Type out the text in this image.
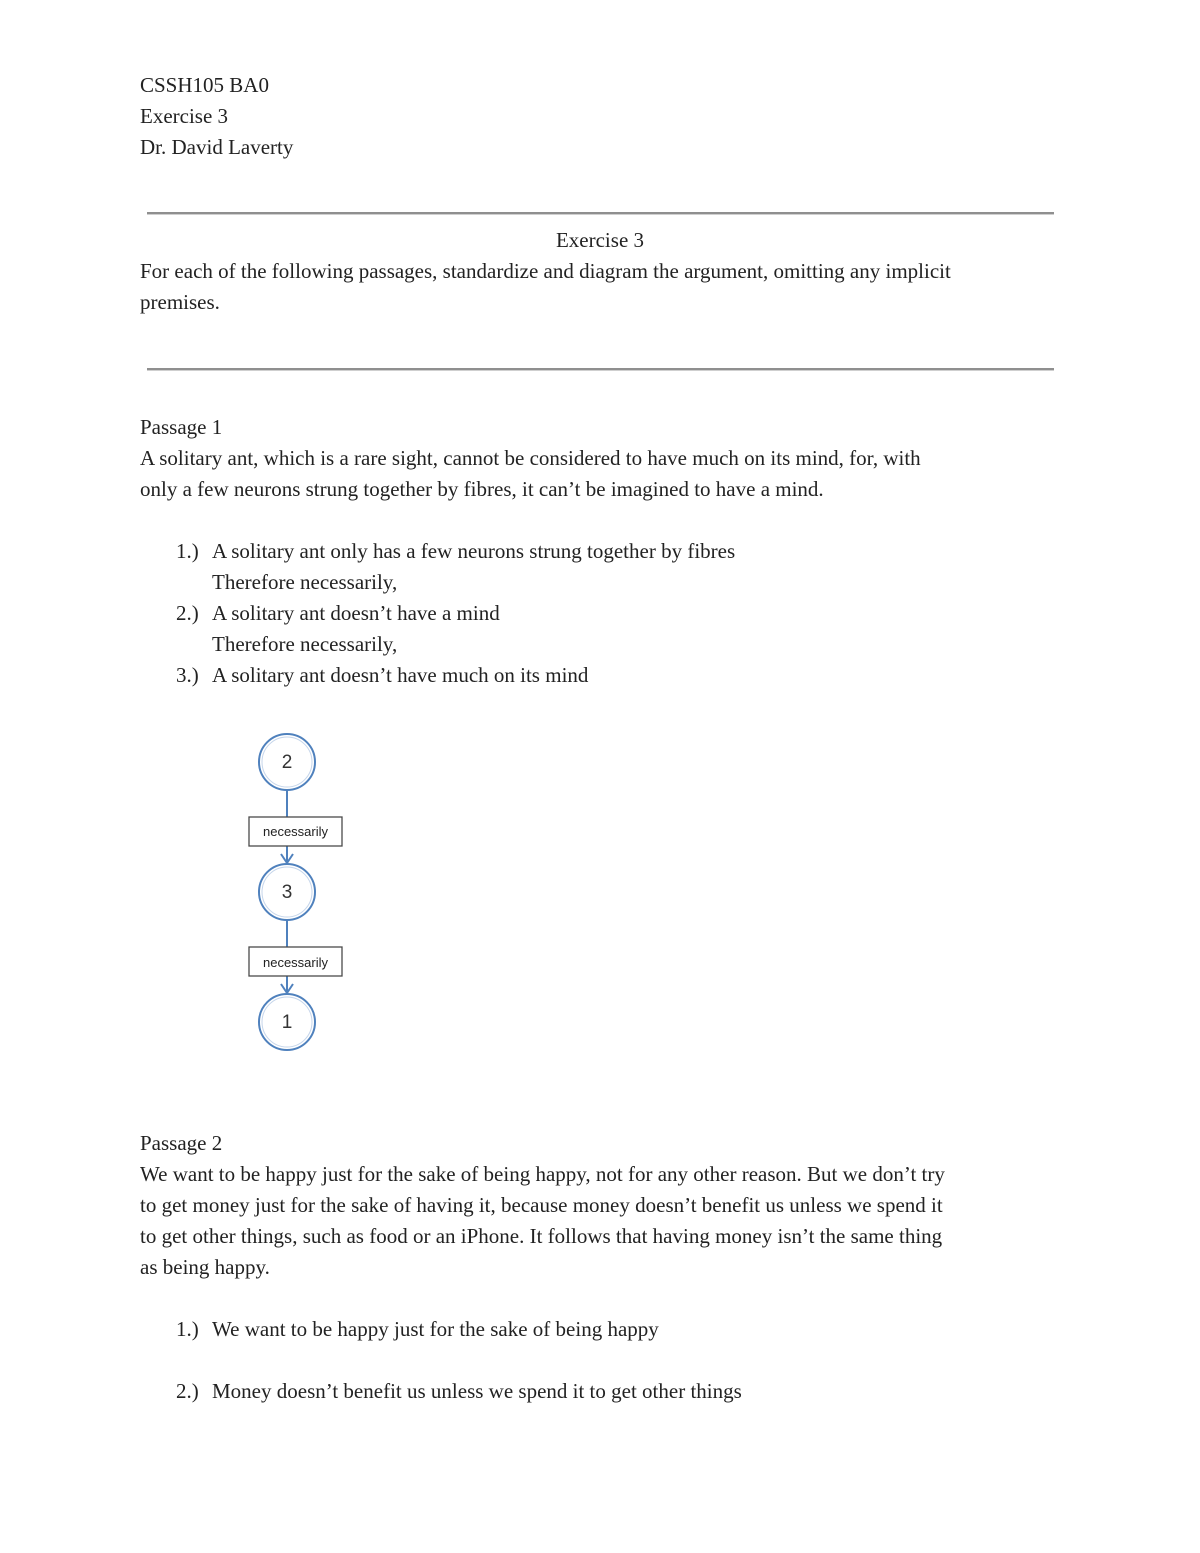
CSSH105 BA0
Exercise 3
Dr. David Laverty
Exercise 3
For each of the following passages, standardize and diagram the argument, omitting any implicit
premises.
Passage 1
A solitary ant, which is a rare sight, cannot be considered to have much on its mind, for, with
only a few neurons strung together by fibres, it can’t be imagined to have a mind.
1.) A solitary ant only has a few neurons strung together by fibres
Therefore necessarily,
2.) A solitary ant doesn’t have a mind
Therefore necessarily,
3.) A solitary ant doesn’t have much on its mind
necessarily
necessarily
2
3
1
Passage 2
We want to be happy just for the sake of being happy, not for any other reason. But we don’t try
to get money just for the sake of having it, because money doesn’t benefit us unless we spend it
to get other things, such as food or an iPhone. It follows that having money isn’t the same thing
as being happy.
1.) We want to be happy just for the sake of being happy
2.) Money doesn’t benefit us unless we spend it to get other things
